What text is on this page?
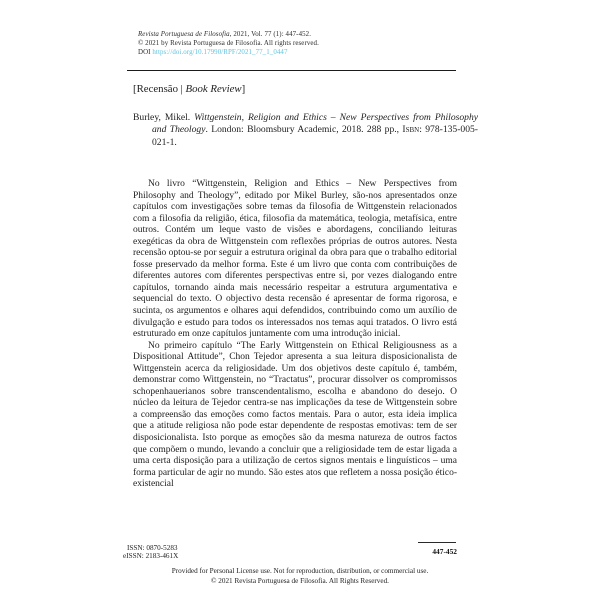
Revista Portuguesa de Filosofia, 2021, Vol. 77 (1): 447-452.
© 2021 by Revista Portuguesa de Filosofia. All rights reserved.
DOI https://doi.org/10.17990/RPF/2021_77_1_0447
[Recensão | Book Review]
Burley, Mikel. Wittgenstein, Religion and Ethics – New Perspectives from Philosophy and Theology. London: Bloomsbury Academic, 2018. 288 pp., Isbn: 978-135-005-021-1.

No livro “Wittgenstein, Religion and Ethics – New Perspectives from Philosophy and Theology”, editado por Mikel Burley, são-nos apresentados onze capítulos com investigações sobre temas da filosofia de Wittgenstein relacionados com a filosofia da religião, ética, filosofia da matemática, teologia, metafísica, entre outros. Contém um leque vasto de visões e abordagens, conciliando leituras exegéticas da obra de Wittgenstein com reflexões próprias de outros autores. Nesta recensão optou-se por seguir a estrutura original da obra para que o trabalho editorial fosse preservado da melhor forma. Este é um livro que conta com contribuições de diferentes autores com diferentes perspectivas entre si, por vezes dialogando entre capítulos, tornando ainda mais necessário respeitar a estrutura argumentativa e sequencial do texto. O objectivo desta recensão é apresentar de forma rigorosa, e sucinta, os argumentos e olhares aqui defendidos, contribuindo como um auxílio de divulgação e estudo para todos os interessados nos temas aqui tratados. O livro está estruturado em onze capítulos juntamente com uma introdução inicial.

No primeiro capítulo “The Early Wittgenstein on Ethical Religiousness as a Dispositional Attitude”, Chon Tejedor apresenta a sua leitura disposicionalista de Wittgenstein acerca da religiosidade. Um dos objetivos deste capítulo é, também, demonstrar como Wittgenstein, no “Tractatus”, procurar dissolver os compromissos schopenhauerianos sobre transcendentalismo, escolha e abandono do desejo. O núcleo da leitura de Tejedor centra-se nas implicações da tese de Wittgenstein sobre a compreensão das emoções como factos mentais. Para o autor, esta ideia implica que a atitude religiosa não pode estar dependente de respostas emotivas: tem de ser disposicionalista. Isto porque as emoções são da mesma natureza de outros factos que compõem o mundo, levando a concluir que a religiosidade tem de estar ligada a uma certa disposição para a utilização de certos signos mentais e linguísticos – uma forma particular de agir no mundo. São estes atos que refletem a nossa posição ético-existencial

ISSN: 0870-5283
eISSN: 2183-461X
447-452
Provided for Personal License use. Not for reproduction, distribution, or commercial use.
© 2021 Revista Portuguesa de Filosofia. All Rights Reserved.
